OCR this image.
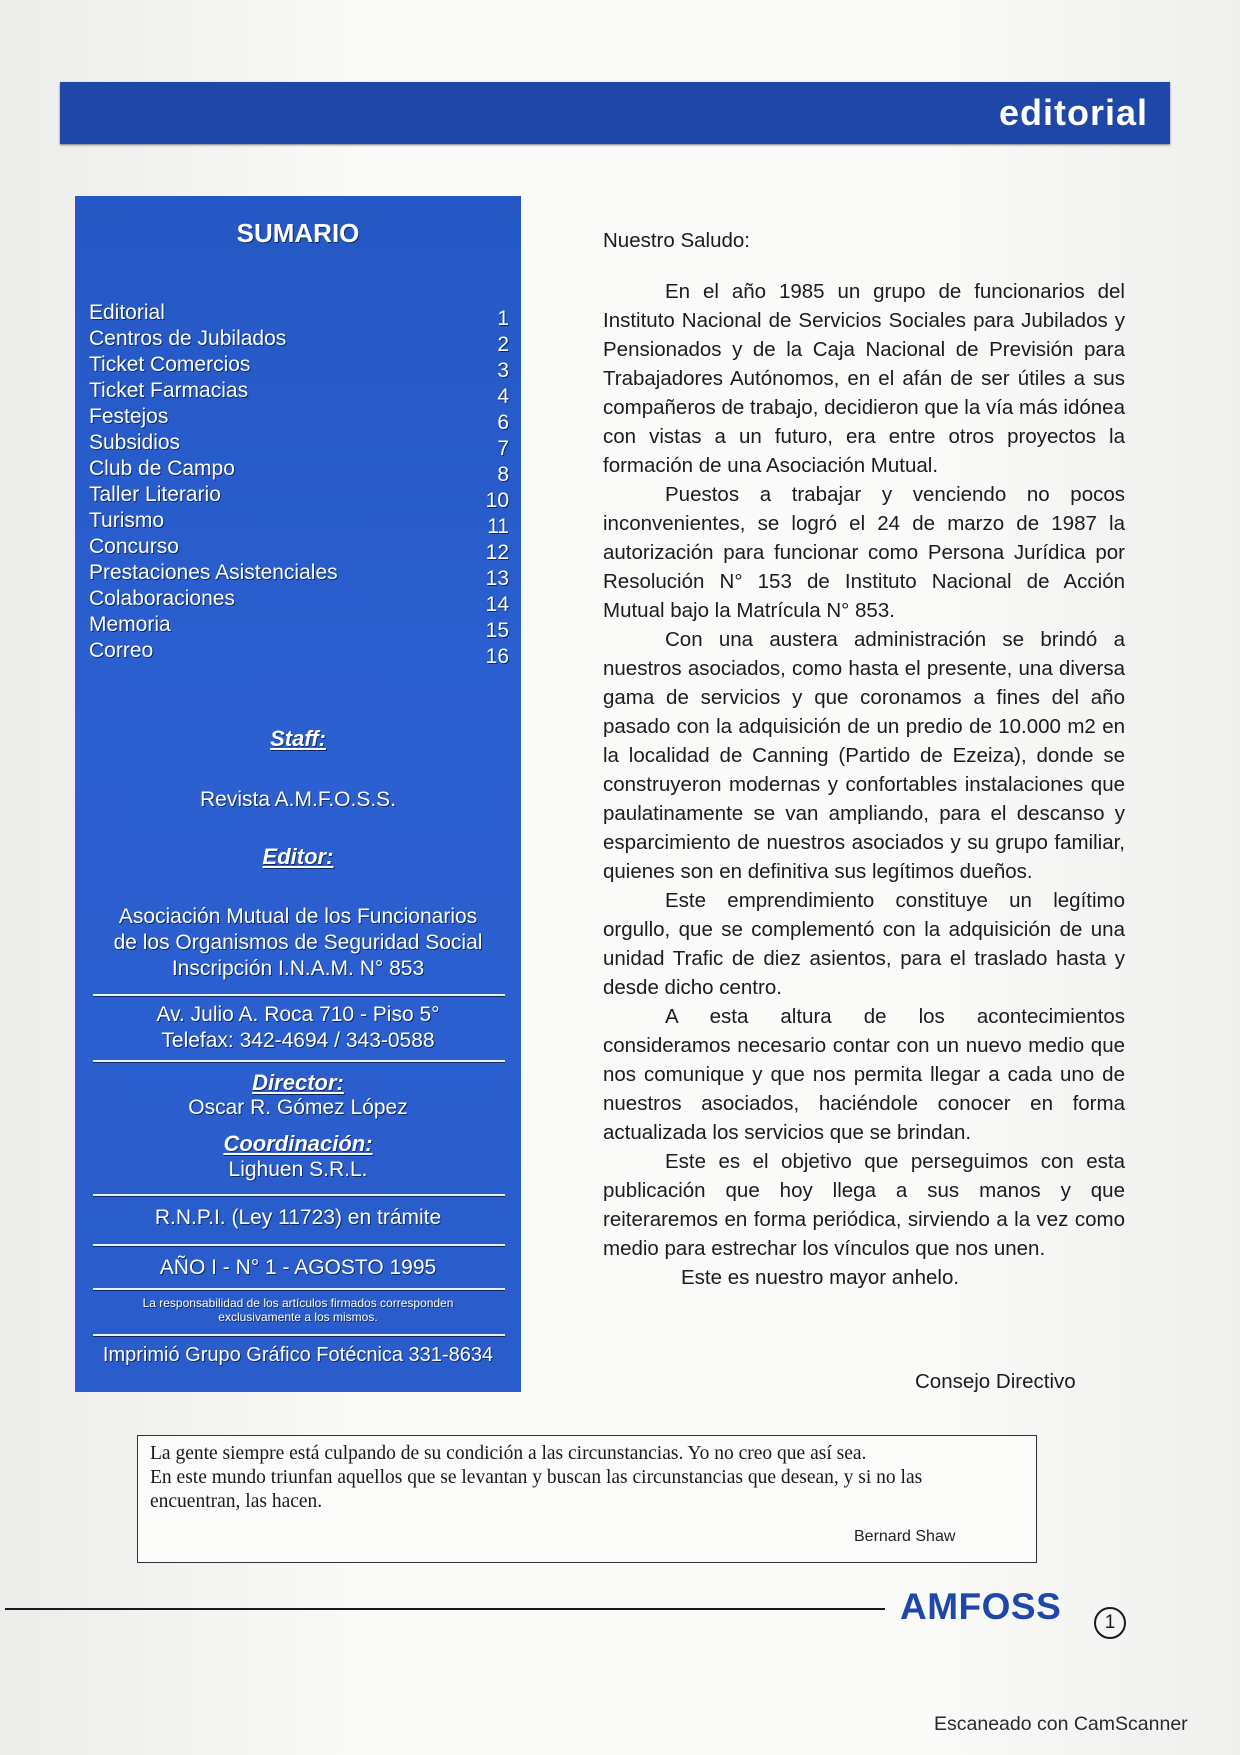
editorial
SUMARIO
Editorial	1
Centros de Jubilados	2
Ticket Comercios	3
Ticket Farmacias	4
Festejos	6
Subsidios	7
Club de Campo	8
Taller Literario	10
Turismo	11
Concurso	12
Prestaciones Asistenciales	13
Colaboraciones	14
Memoria	15
Correo	16
Staff:
Revista A.M.F.O.S.S.
Editor:
Asociación Mutual de los Funcionarios
de los Organismos de Seguridad Social
Inscripción I.N.A.M. N° 853
Av. Julio A. Roca 710 - Piso 5°
Telefax: 342-4694 / 343-0588
Director:
Oscar R. Gómez López
Coordinación:
Lighuen S.R.L.
R.N.P.I. (Ley 11723) en trámite
AÑO I - N° 1 - AGOSTO 1995
La responsabilidad de los artículos firmados corresponden
exclusivamente a los mismos.
Imprimió Grupo Gráfico Fotécnica 331-8634

Nuestro Saludo:

En el año 1985 un grupo de funcionarios del Instituto Nacional de Servicios Sociales para Jubilados y Pensionados y de la Caja Nacional de Previsión para Trabajadores Autónomos, en el afán de ser útiles a sus compañeros de trabajo, decidieron que la vía más idónea con vistas a un futuro, era entre otros proyectos la formación de una Asociación Mutual.

Puestos a trabajar y venciendo no pocos inconvenientes, se logró el 24 de marzo de 1987 la autorización para funcionar como Persona Jurídica por Resolución N° 153 de Instituto Nacional de Acción Mutual bajo la Matrícula N° 853.

Con una austera administración se brindó a nuestros asociados, como hasta el presente, una diversa gama de servicios y que coronamos a fines del año pasado con la adquisición de un predio de 10.000 m2 en la localidad de Canning (Partido de Ezeiza), donde se construyeron modernas y confortables instalaciones que paulatinamente se van ampliando, para el descanso y esparcimiento de nuestros asociados y su grupo familiar, quienes son en definitiva sus legítimos dueños.

Este emprendimiento constituye un legítimo orgullo, que se complementó con la adquisición de una unidad Trafic de diez asientos, para el traslado hasta y desde dicho centro.

A esta altura de los acontecimientos consideramos necesario contar con un nuevo medio que nos comunique y que nos permita llegar a cada uno de nuestros asociados, haciéndole conocer en forma actualizada los servicios que se brindan.

Este es el objetivo que perseguimos con esta publicación que hoy llega a sus manos y que reiteraremos en forma periódica, sirviendo a la vez como medio para estrechar los vínculos que nos unen.

Este es nuestro mayor anhelo.

Consejo Directivo
La gente siempre está culpando de su condición a las circunstancias. Yo no creo que así sea.
En este mundo triunfan aquellos que se levantan y buscan las circunstancias que desean, y si no las
encuentran, las hacen.
Bernard Shaw
AMFOSS	1
Escaneado con CamScanner
